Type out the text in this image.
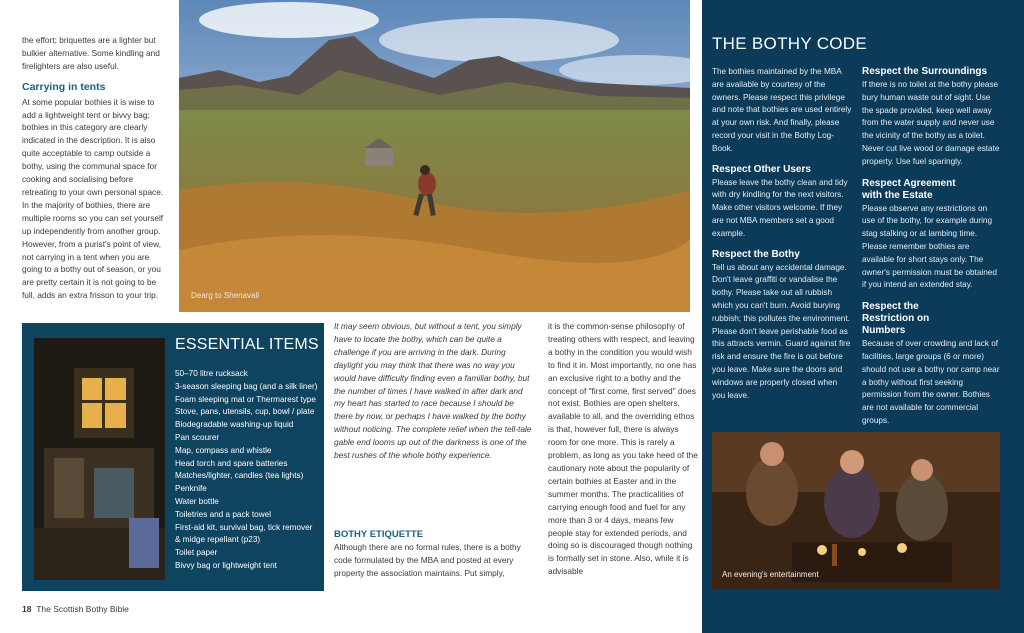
the effort; briquettes are a lighter but bulkier alternative. Some kindling and firelighters are also useful.

Carrying in tents

At some popular bothies it is wise to add a lightweight tent or bivvy bag; bothies in this category are clearly indicated in the description. It is also quite acceptable to camp outside a bothy, using the communal space for cooking and socialising before retreating to your own personal space. In the majority of bothies, there are multiple rooms so you can set yourself up independently from another group. However, from a purist's point of view, not carrying in a tent when you are going to a bothy out of season, or you are pretty certain it is not going to be full, adds an extra frisson to your trip.	Dearg to Shenavall
ESSENTIAL ITEMS
50–70 litre rucksack
3-season sleeping bag (and a silk liner)
Foam sleeping mat or Thermarest type
Stove, pans, utensils, cup, bowl / plate
Biodegradable washing-up liquid
Pan scourer
Map, compass and whistle
Head torch and spare batteries
Matches/lighter, candles (tea lights)
Penknife
Water bottle
Toiletries and a pack towel
First-aid kit, survival bag, tick remover
& midge repellant (p23)
Toilet paper
Bivvy bag or lightweight tent
It may seem obvious, but without a tent, you simply have to locate the bothy, which can be quite a challenge if you are arriving in the dark. During daylight you may think that there was no way you would have difficulty finding even a familiar bothy, but the number of times I have walked in after dark and my heart has started to race because I should be there by now, or perhaps I have walked by the bothy without noticing. The complete relief when the tell-tale gable end looms up out of the darkness is one of the best rushes of the whole bothy experience.
BOTHY ETIQUETTE
Although there are no formal rules, there is a bothy code formulated by the MBA and posted at every property the association maintains. Put simply,
it is the common-sense philosophy of treating others with respect, and leaving a bothy in the condition you would wish to find it in. Most importantly, no one has an exclusive right to a bothy and the concept of "first come, first served" does not exist. Bothies are open shelters, available to all, and the overriding ethos is that, however full, there is always room for one more. This is rarely a problem, as long as you take heed of the cautionary note about the popularity of certain bothies at Easter and in the summer months. The practicalities of carrying enough food and fuel for any more than 3 or 4 days, means few people stay for extended periods, and doing so is discouraged though nothing is formally set in stone. Also, while it is advisable
THE BOTHY CODE
The bothies maintained by the MBA are available by courtesy of the owners. Please respect this privilege and note that bothies are used entirely at your own risk. And finally, please record your visit in the Bothy Log-Book.
Respect Other Users
Please leave the bothy clean and tidy with dry kindling for the next visitors. Make other visitors welcome. If they are not MBA members set a good example.
Respect the Bothy
Tell us about any accidental damage. Don't leave graffiti or vandalise the bothy. Please take out all rubbish which you can't burn. Avoid burying rubbish; this pollutes the environment. Please don't leave perishable food as this attracts vermin. Guard against fire risk and ensure the fire is out before you leave. Make sure the doors and windows are properly closed when you leave.
Respect the Surroundings
If there is no toilet at the bothy please bury human waste out of sight. Use the spade provided, keep well away from the water supply and never use the vicinity of the bothy as a toilet. Never cut live wood or damage estate property. Use fuel sparingly.
Respect Agreement with the Estate
Please observe any restrictions on use of the bothy, for example during stag stalking or at lambing time. Please remember bothies are available for short stays only. The owner's permission must be obtained if you intend an extended stay.
Respect the Restriction on Numbers
Because of over crowding and lack of facilities, large groups (6 or more) should not use a bothy nor camp near a bothy without first seeking permission from the owner. Bothies are not available for commercial groups.
An evening's entertainment
18 The Scottish Bothy Bible
